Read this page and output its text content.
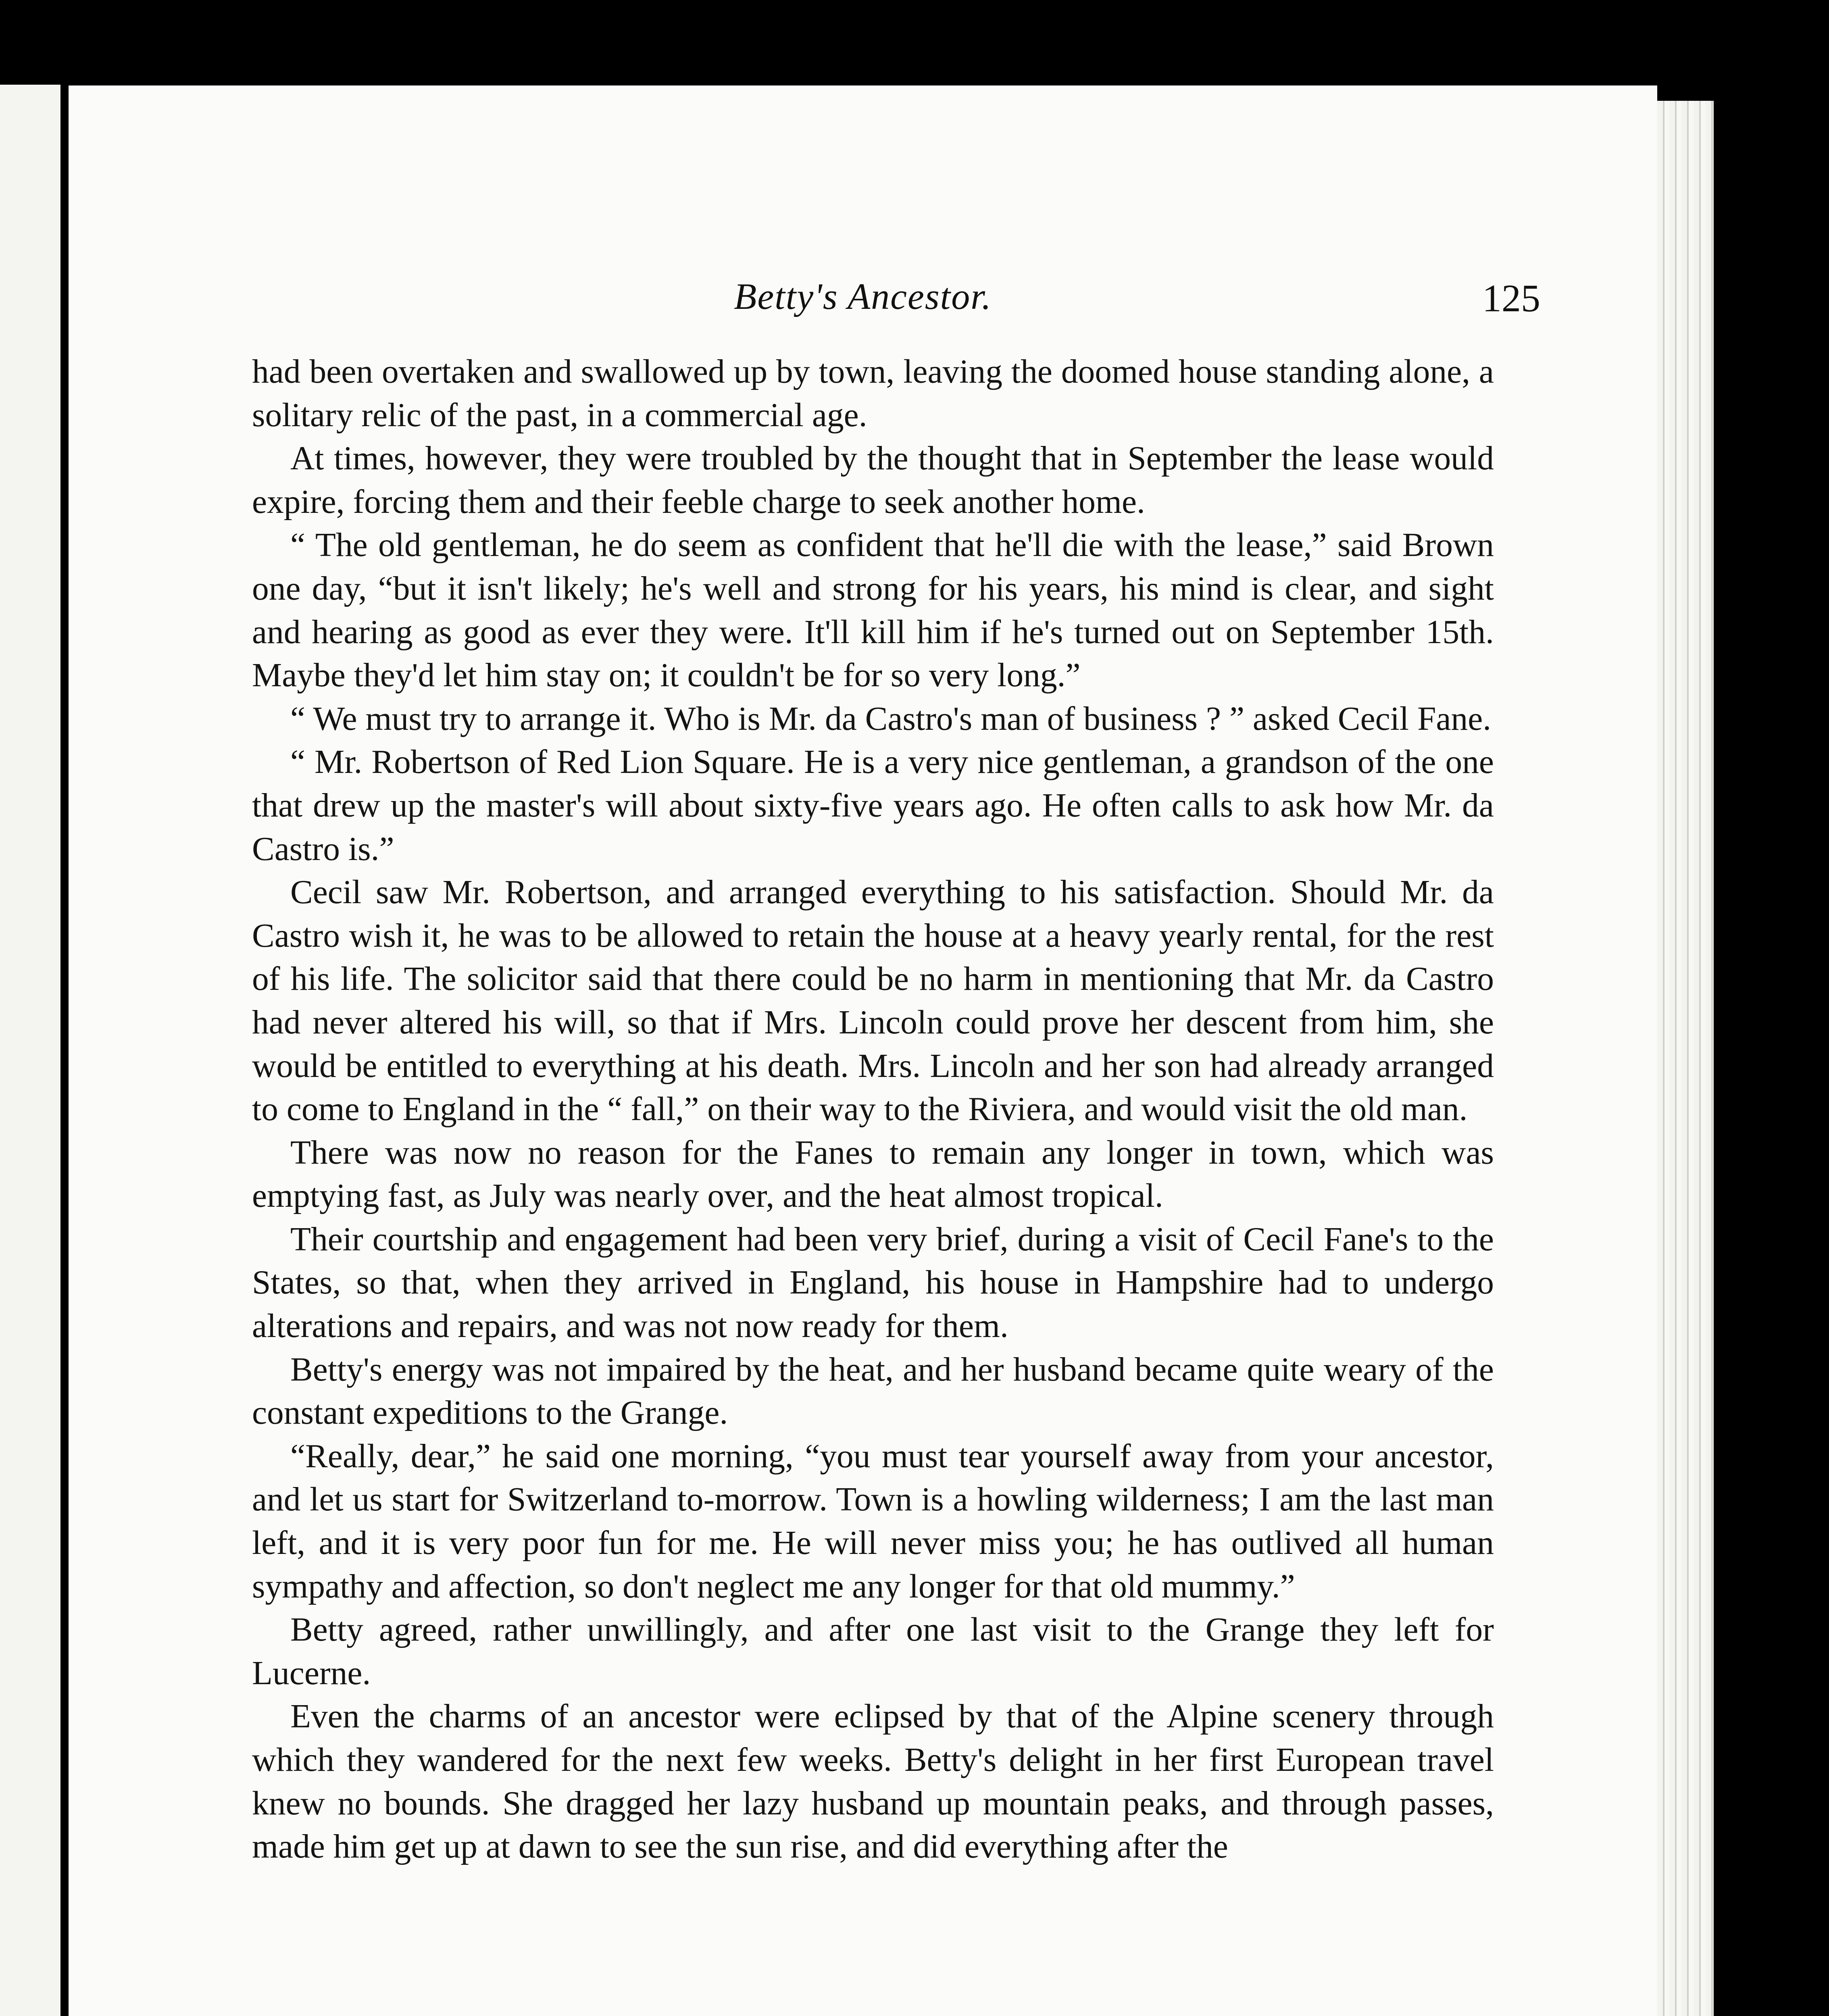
Betty's Ancestor.	125

had been overtaken and swallowed up by town, leaving the doomed house standing alone, a solitary relic of the past, in a commercial age.

At times, however, they were troubled by the thought that in September the lease would expire, forcing them and their feeble charge to seek another home.

“ The old gentleman, he do seem as confident that he'll die with the lease,” said Brown one day, “but it isn't likely; he's well and strong for his years, his mind is clear, and sight and hearing as good as ever they were. It'll kill him if he's turned out on September 15th. Maybe they'd let him stay on; it couldn't be for so very long.”

“ We must try to arrange it. Who is Mr. da Castro's man of business ? ” asked Cecil Fane.

“ Mr. Robertson of Red Lion Square. He is a very nice gentleman, a grandson of the one that drew up the master's will about sixty-five years ago. He often calls to ask how Mr. da Castro is.”

Cecil saw Mr. Robertson, and arranged everything to his satisfaction. Should Mr. da Castro wish it, he was to be allowed to retain the house at a heavy yearly rental, for the rest of his life. The solicitor said that there could be no harm in mentioning that Mr. da Castro had never altered his will, so that if Mrs. Lincoln could prove her descent from him, she would be entitled to everything at his death. Mrs. Lincoln and her son had already arranged to come to England in the “ fall,” on their way to the Riviera, and would visit the old man.

There was now no reason for the Fanes to remain any longer in town, which was emptying fast, as July was nearly over, and the heat almost tropical.

Their courtship and engagement had been very brief, during a visit of Cecil Fane's to the States, so that, when they arrived in England, his house in Hampshire had to undergo alterations and repairs, and was not now ready for them.

Betty's energy was not impaired by the heat, and her husband became quite weary of the constant expeditions to the Grange.

“Really, dear,” he said one morning, “you must tear yourself away from your ancestor, and let us start for Switzerland to-morrow. Town is a howling wilderness; I am the last man left, and it is very poor fun for me. He will never miss you; he has outlived all human sympathy and affection, so don't neglect me any longer for that old mummy.”

Betty agreed, rather unwillingly, and after one last visit to the Grange they left for Lucerne.

Even the charms of an ancestor were eclipsed by that of the Alpine scenery through which they wandered for the next few weeks. Betty's delight in her first European travel knew no bounds. She dragged her lazy husband up mountain peaks, and through passes, made him get up at dawn to see the sun rise, and did everything after the
